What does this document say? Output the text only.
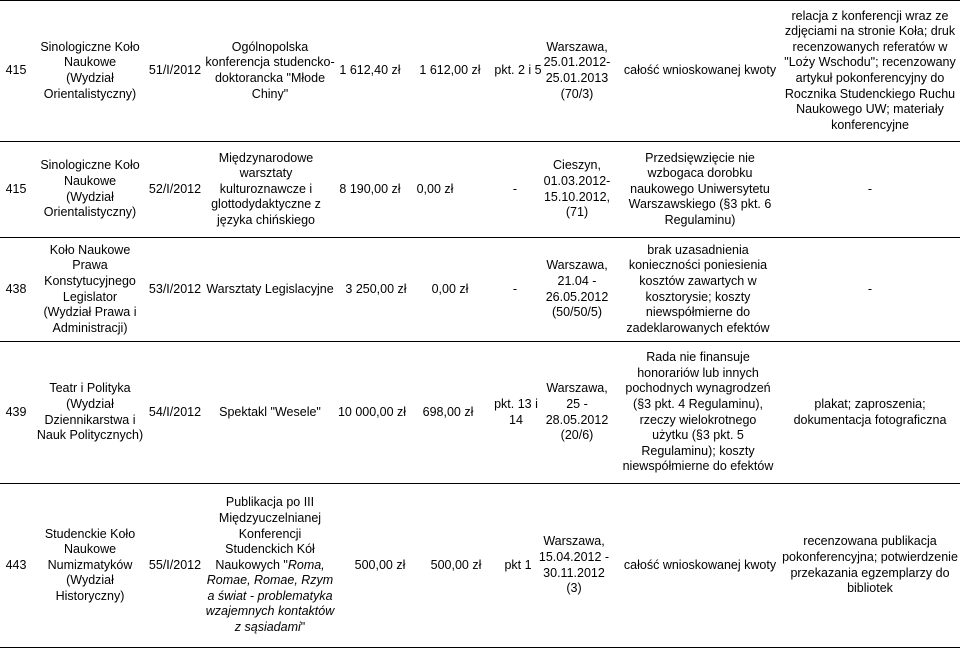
415
Sinologiczne Koło
Naukowe
(Wydział
Orientalistyczny)
51/I/2012
Ogólnopolska
konferencja studencko-
doktorancka "Młode
Chiny"
1 612,40 zł 1 612,00 zł pkt. 2 i 5
Warszawa,
25.01.2012-
25.01.2013
(70/3)
całość wnioskowanej kwoty
relacja z konferencji wraz ze
zdjęciami na stronie Koła; druk
recenzowanych referatów w
"Loży Wschodu"; recenzowany
artykuł pokonferencyjny do
Rocznika Studenckiego Ruchu
Naukowego UW; materiały
konferencyjne
415
Sinologiczne Koło
Naukowe
(Wydział
Orientalistyczny)
52/I/2012
Międzynarodowe
warsztaty
kulturoznawcze i
glottodydaktyczne z
języka chińskiego
8 190,00 zł 0,00 zł	-
Cieszyn,
01.03.2012-
15.10.2012,
(71)
Przedsięwzięcie nie
wzbogaca dorobku
naukowego Uniwersytetu
Warszawskiego (§3 pkt. 6
Regulaminu)
-
438
Koło Naukowe
Prawa
Konstytucyjnego
Legislator
(Wydział Prawa i
Administracji)
53/I/2012 Warsztaty Legislacyjne 3 250,00 zł 0,00 zł	-
Warszawa,
21.04 -
26.05.2012
(50/50/5)
brak uzasadnienia
konieczności poniesienia
kosztów zawartych w
kosztorysie; koszty
niewspółmierne do
zadeklarowanych efektów
-
439
Teatr i Polityka
(Wydział
Dziennikarstwa i
Nauk Politycznych)
54/I/2012 Spektakl "Wesele" 10 000,00 zł 698,00 zł
pkt. 13 i
14
Warszawa,
25 -
28.05.2012
(20/6)
Rada nie finansuje
honorariów lub innych
pochodnych wynagrodzeń
(§3 pkt. 4 Regulaminu),
rzeczy wielokrotnego
użytku (§3 pkt. 5
Regulaminu); koszty
niewspółmierne do efektów
plakat; zaproszenia;
dokumentacja fotograficzna
443
Studenckie Koło
Naukowe
Numizmatyków
(Wydział
Historyczny)
55/I/2012
Publikacja po III
Międzyuczelnianej
Konferencji
Studenckich Kół
Naukowych "Roma,
Romae, Romae, Rzym
a świat - problematyka
wzajemnych kontaktów
z sąsiadami"
500,00 zł 500,00 zł pkt 1
Warszawa,
15.04.2012 -
30.11.2012
(3)
całość wnioskowanej kwoty
recenzowana publikacja
pokonferencyjna; potwierdzenie
przekazania egzemplarzy do
bibliotek
